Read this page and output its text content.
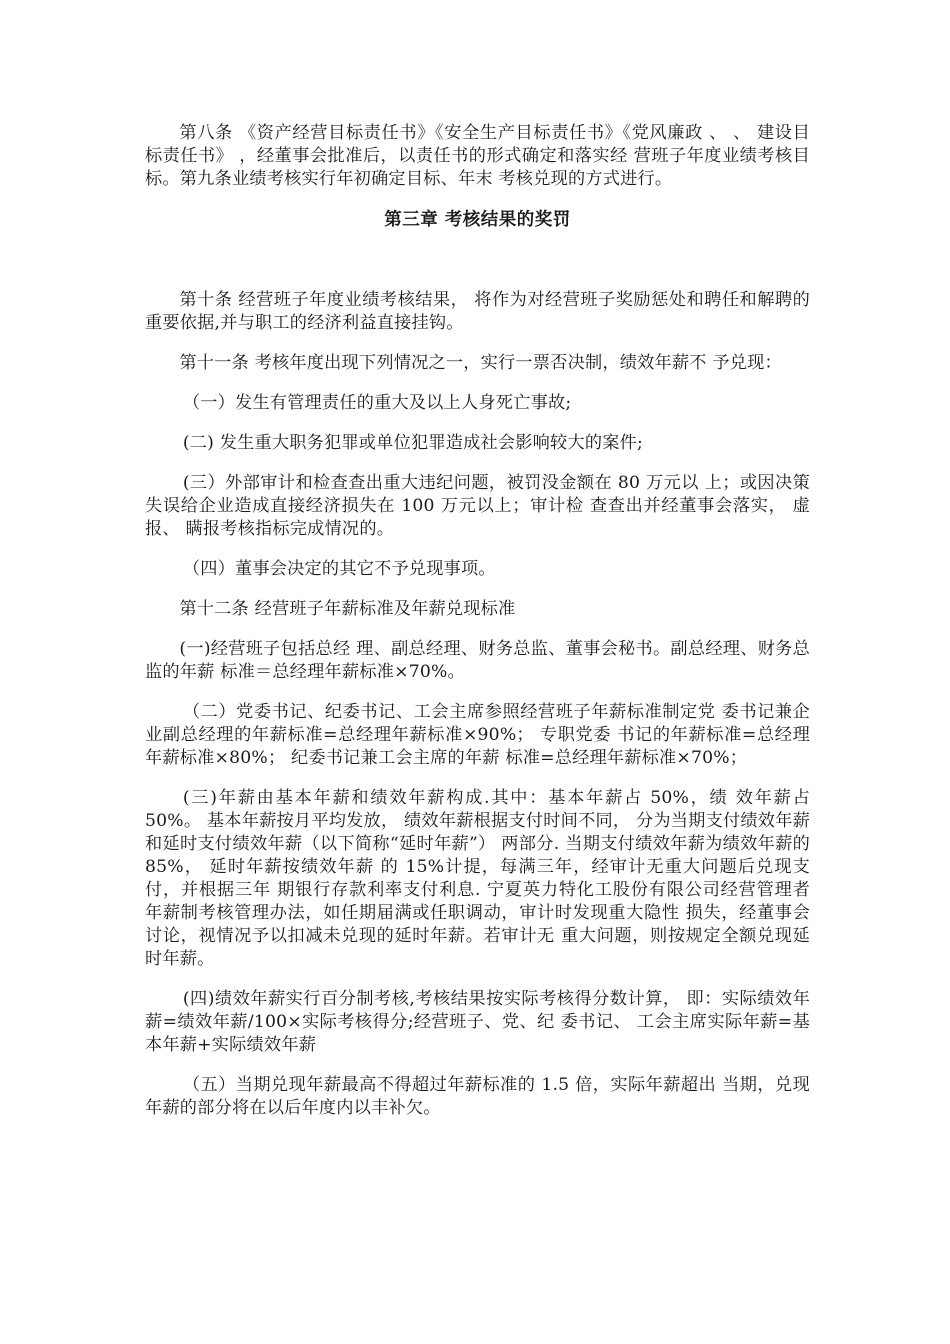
第八条 《资产经营目标责任书》《安全生产目标责任书》《党风廉政 、 、 建设目标责任书》 ，经董事会批准后，以责任书的形式确定和落实经 营班子年度业绩考核目标。第九条业绩考核实行年初确定目标、年末 考核兑现的方式进行。

第三章 考核结果的奖罚

第十条 经营班子年度业绩考核结果， 将作为对经营班子奖励惩处和聘任和解聘的重要依据,并与职工的经济利益直接挂钩。

第十一条 考核年度出现下列情况之一，实行一票否决制，绩效年薪不 予兑现：

（一）发生有管理责任的重大及以上人身死亡事故;

(二) 发生重大职务犯罪或单位犯罪造成社会影响较大的案件;

(三）外部审计和检查查出重大违纪问题，被罚没金额在 80 万元以 上；或因决策失误给企业造成直接经济损失在 100 万元以上；审计检 查查出并经董事会落实， 虚报、 瞒报考核指标完成情况的。

（四）董事会决定的其它不予兑现事项。

第十二条 经营班子年薪标准及年薪兑现标准

(一)经营班子包括总经 理、副总经理、财务总监、董事会秘书。副总经理、财务总监的年薪 标准＝总经理年薪标准×70%。

（二）党委书记、纪委书记、工会主席参照经营班子年薪标准制定党 委书记兼企业副总经理的年薪标准=总经理年薪标准×90%； 专职党委 书记的年薪标准=总经理年薪标准×80%； 纪委书记兼工会主席的年薪 标准=总经理年薪标准×70%；

(三)年薪由基本年薪和绩效年薪构成.其中：基本年薪占 50%，绩 效年薪占 50%。 基本年薪按月平均发放， 绩效年薪根据支付时间不同， 分为当期支付绩效年薪和延时支付绩效年薪（以下简称“延时年薪”） 两部分. 当期支付绩效年薪为绩效年薪的 85%， 延时年薪按绩效年薪 的 15%计提，每满三年，经审计无重大问题后兑现支付，并根据三年 期银行存款利率支付利息. 宁夏英力特化工股份有限公司经营管理者 年薪制考核管理办法，如任期届满或任职调动，审计时发现重大隐性 损失，经董事会讨论，视情况予以扣减未兑现的延时年薪。若审计无 重大问题，则按规定全额兑现延时年薪。

(四)绩效年薪实行百分制考核,考核结果按实际考核得分数计算， 即：实际绩效年薪=绩效年薪/100×实际考核得分;经营班子、党、纪 委书记、 工会主席实际年薪=基本年薪+实际绩效年薪

（五）当期兑现年薪最高不得超过年薪标准的 1.5 倍，实际年薪超出 当期，兑现年薪的部分将在以后年度内以丰补欠。
